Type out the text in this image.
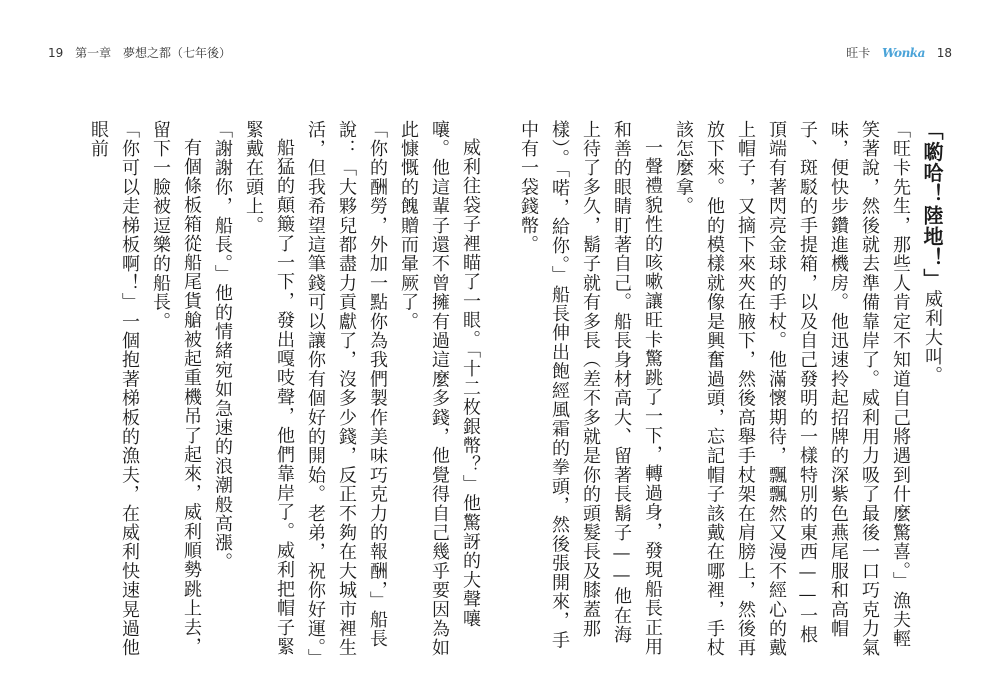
19 第一章 夢想之都（七年後）

威利往袋子裡瞄了一眼。「十二枚銀幣？」他驚訝的大聲嚷嚷。他這輩子還不曾擁有過這麼多錢，他覺得自己幾乎要因為如此慷慨的餽贈而暈厥了。

「你的酬勞，外加一點你為我們製作美味巧克力的報酬，」船長說：「大夥兒都盡力貢獻了，沒多少錢，反正不夠在大城市裡生活，但我希望這筆錢可以讓你有個好的開始。老弟，祝你好運。」

船猛的顛簸了一下，發出嘎吱聲，他們靠岸了。威利把帽子緊緊戴在頭上。

「謝謝你，船長。」他的情緒宛如急速的浪潮般高漲。

有個條板箱從船尾貨艙被起重機吊了起來，威利順勢跳上去，留下一臉被逗樂的船長。

「你可以走梯板啊！」一個抱著梯板的漁夫，在威利快速晃過他眼前

旺卡 Wonka 18

「喲哈！陸地！」威利大叫。

「旺卡先生，那些人肯定不知道自己將遇到什麼驚喜。」漁夫輕笑著說，然後就去準備靠岸了。威利用力吸了最後一口巧克力氣味，便快步鑽進機房。他迅速拎起招牌的深紫色燕尾服和高帽子、斑駁的手提箱，以及自己發明的一樣特別的東西——一根頂端有著閃亮金球的手杖。他滿懷期待，飄飄然又漫不經心的戴上帽子，又摘下來夾在腋下，然後高舉手杖架在肩膀上，然後再放下來。他的模樣就像是興奮過頭，忘記帽子該戴在哪裡，手杖該怎麼拿。

一聲禮貌性的咳嗽讓旺卡驚跳了一下，轉過身，發現船長正用和善的眼睛盯著自己。船長身材高大、留著長鬍子——他在海上待了多久，鬍子就有多長（差不多就是你的頭髮長及膝蓋那樣）。「喏，給你。」船長伸出飽經風霜的拳頭，然後張開來，手中有一袋錢幣。
